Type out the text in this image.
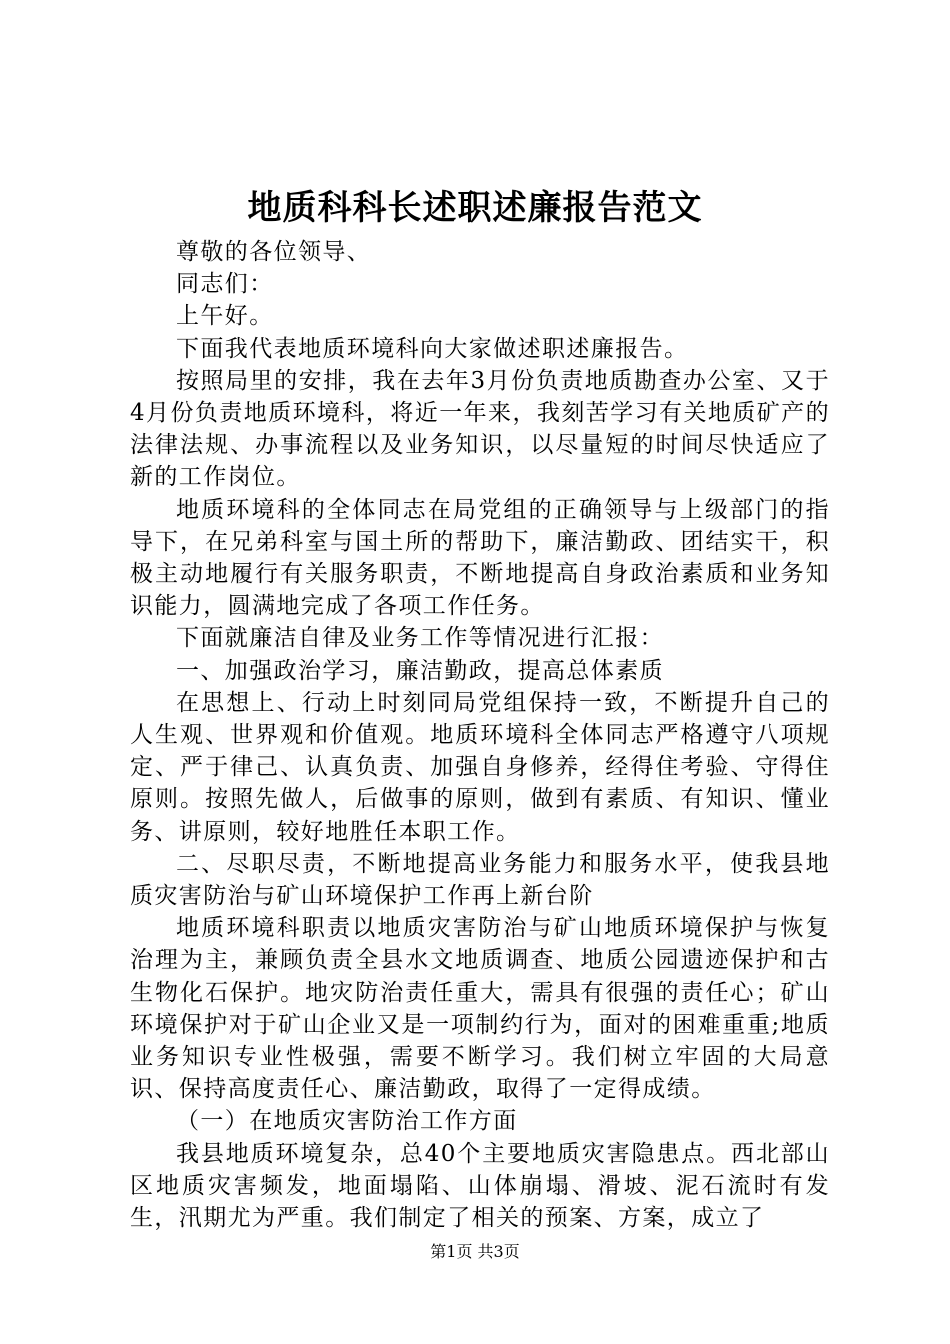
地质科科长述职述廉报告范文

尊敬的各位领导、

同志们：

上午好。

下面我代表地质环境科向大家做述职述廉报告。

按照局里的安排，我在去年3月份负责地质勘查办公室、又于4月份负责地质环境科，将近一年来，我刻苦学习有关地质矿产的法律法规、办事流程以及业务知识，以尽量短的时间尽快适应了新的工作岗位。

地质环境科的全体同志在局党组的正确领导与上级部门的指导下，在兄弟科室与国土所的帮助下，廉洁勤政、团结实干，积极主动地履行有关服务职责，不断地提高自身政治素质和业务知识能力，圆满地完成了各项工作任务。

下面就廉洁自律及业务工作等情况进行汇报：

一、加强政治学习，廉洁勤政，提高总体素质

在思想上、行动上时刻同局党组保持一致，不断提升自己的人生观、世界观和价值观。地质环境科全体同志严格遵守八项规定、严于律己、认真负责、加强自身修养，经得住考验、守得住原则。按照先做人，后做事的原则，做到有素质、有知识、懂业务、讲原则，较好地胜任本职工作。

二、尽职尽责，不断地提高业务能力和服务水平，使我县地质灾害防治与矿山环境保护工作再上新台阶

地质环境科职责以地质灾害防治与矿山地质环境保护与恢复治理为主，兼顾负责全县水文地质调查、地质公园遗迹保护和古生物化石保护。地灾防治责任重大，需具有很强的责任心；矿山环境保护对于矿山企业又是一项制约行为，面对的困难重重;地质业务知识专业性极强，需要不断学习。我们树立牢固的大局意识、保持高度责任心、廉洁勤政，取得了一定得成绩。

（一）在地质灾害防治工作方面

我县地质环境复杂，总40个主要地质灾害隐患点。西北部山区地质灾害频发，地面塌陷、山体崩塌、滑坡、泥石流时有发生，汛期尤为严重。我们制定了相关的预案、方案，成立了

第1页 共3页
